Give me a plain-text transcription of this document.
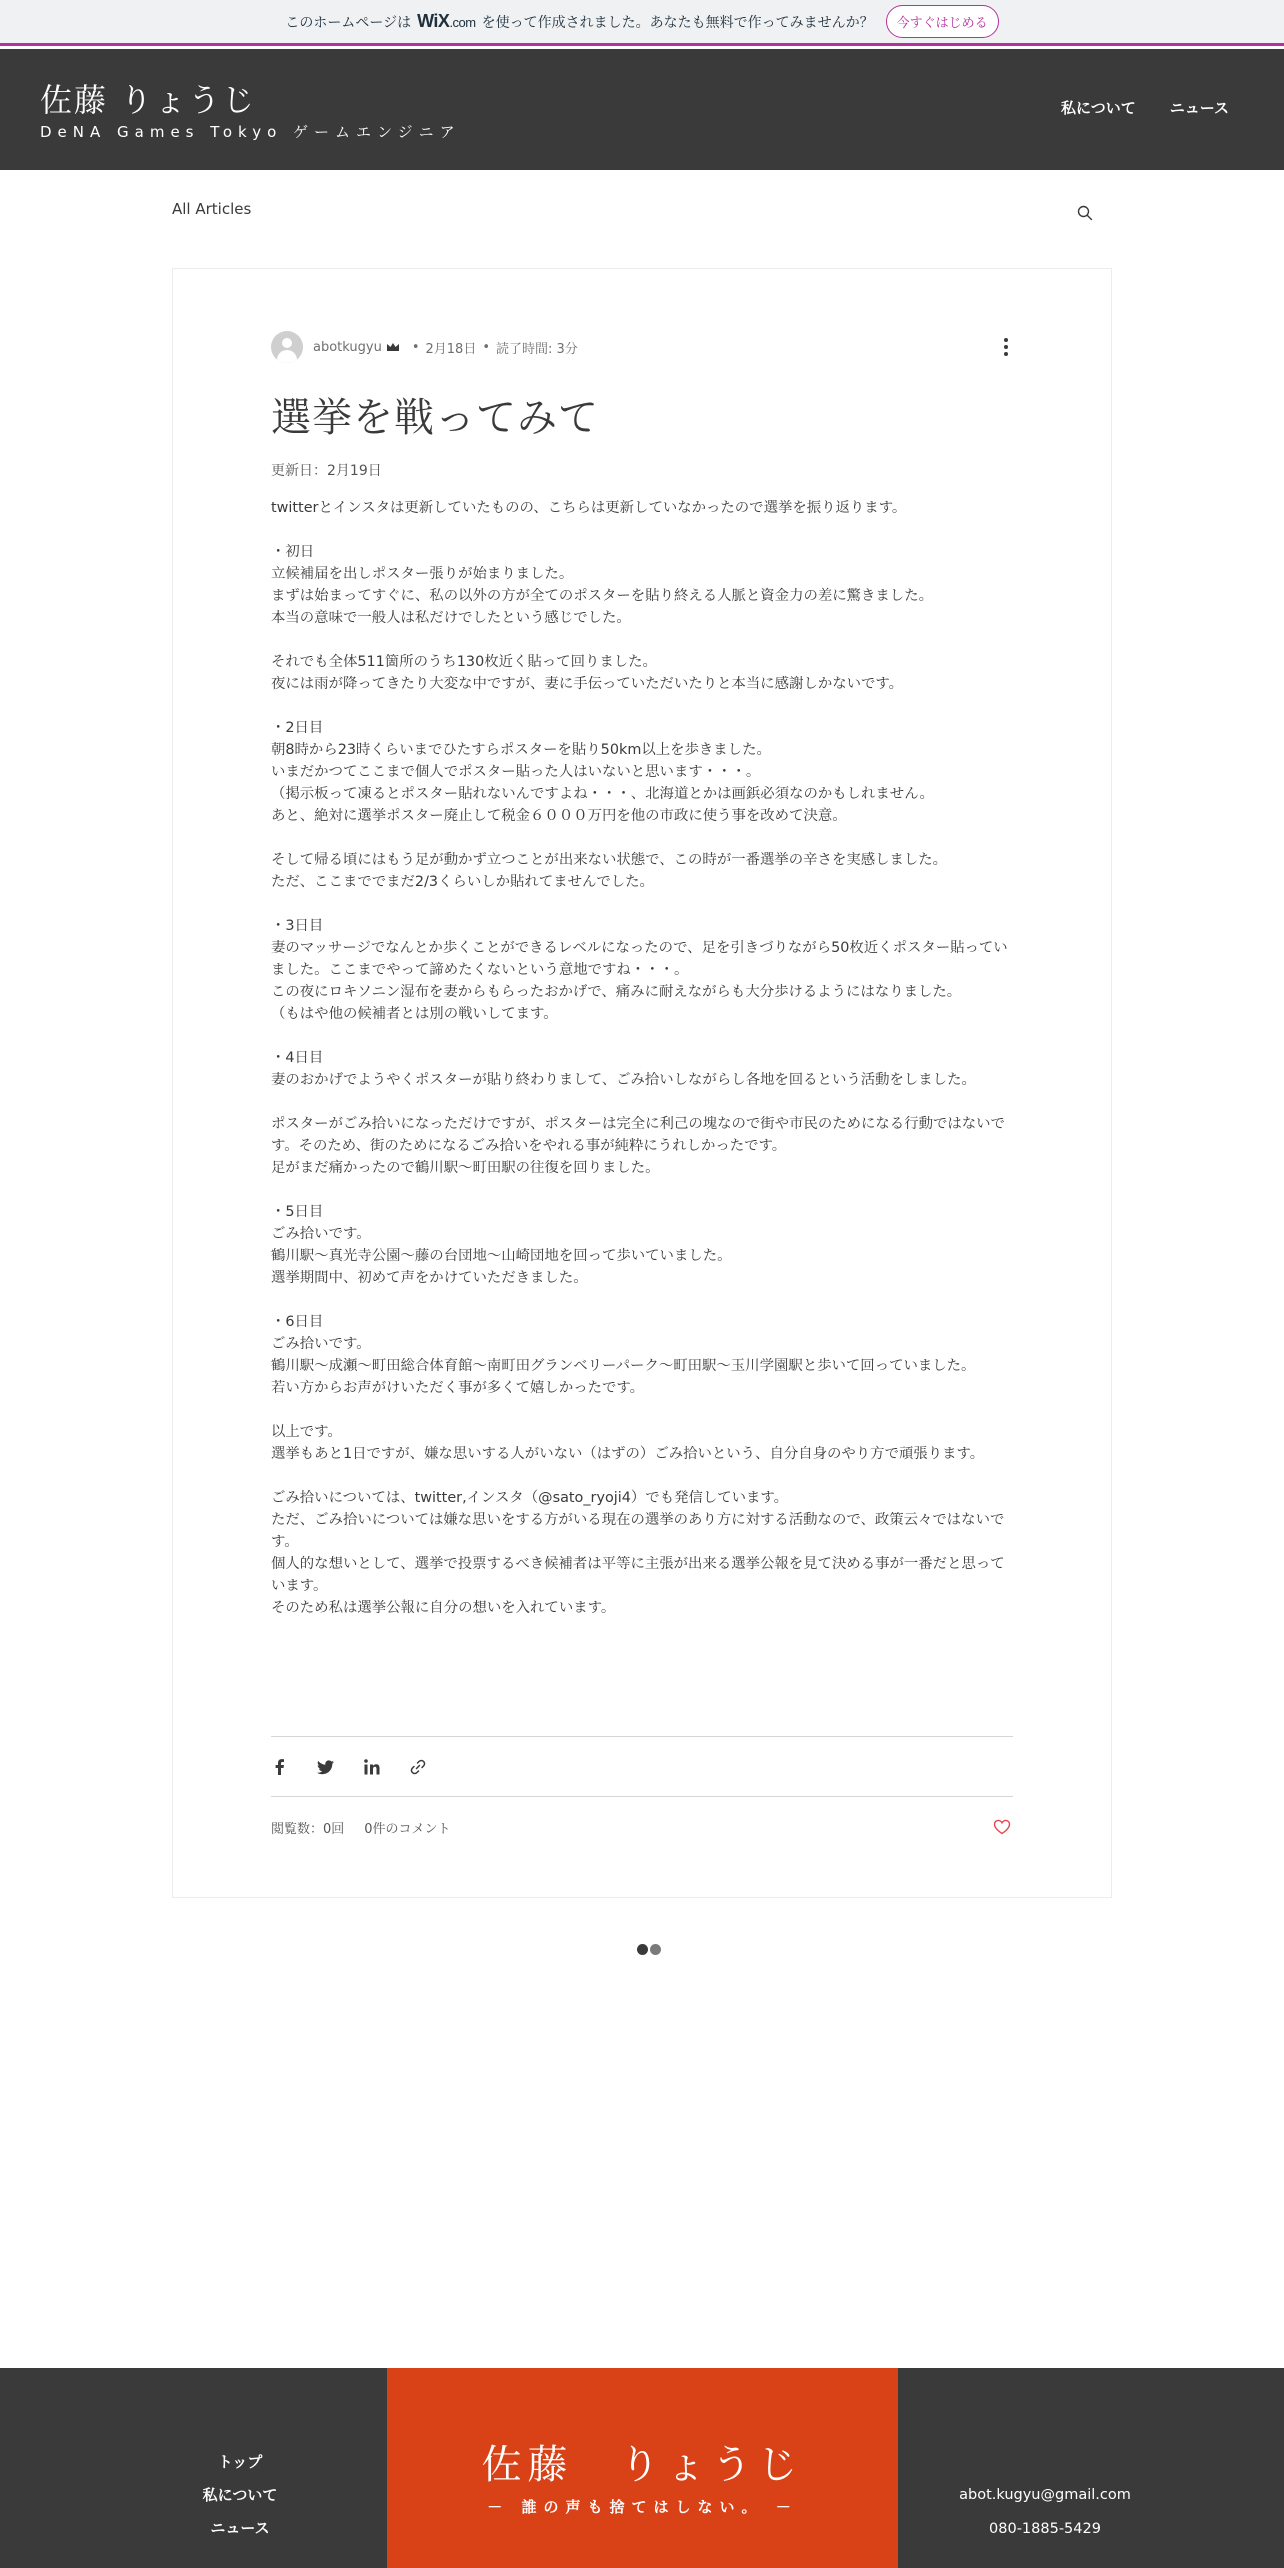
このホームページは WiX.com を使って作成されました。あなたも無料で作ってみませんか？	今すぐはじめる
佐藤 りょうじ
DeNA Games Tokyo ゲームエンジニア
私について ニュース
All Articles
abotkugyu • 2月18日 • 読了時間: 3分
選挙を戦ってみて
更新日：2月19日

twitterとインスタは更新していたものの、こちらは更新していなかったので選挙を振り返ります。

・初日

立候補届を出しポスター張りが始まりました。

まずは始まってすぐに、私の以外の方が全てのポスターを貼り終える人脈と資金力の差に驚きました。

本当の意味で一般人は私だけでしたという感じでした。

それでも全体511箇所のうち130枚近く貼って回りました。

夜には雨が降ってきたり大変な中ですが、妻に手伝っていただいたりと本当に感謝しかないです。

・2日目

朝8時から23時くらいまでひたすらポスターを貼り50km以上を歩きました。

いまだかつてここまで個人でポスター貼った人はいないと思います・・・。

（掲示板って凍るとポスター貼れないんですよね・・・、北海道とかは画鋲必須なのかもしれません。

あと、絶対に選挙ポスター廃止して税金６０００万円を他の市政に使う事を改めて決意。

そして帰る頃にはもう足が動かず立つことが出来ない状態で、この時が一番選挙の辛さを実感しました。

ただ、ここまででまだ2/3くらいしか貼れてませんでした。

・3日目

妻のマッサージでなんとか歩くことができるレベルになったので、足を引きづりながら50枚近くポスター貼っていました。ここまでやって諦めたくないという意地ですね・・・。

この夜にロキソニン湿布を妻からもらったおかげで、痛みに耐えながらも大分歩けるようにはなりました。

（もはや他の候補者とは別の戦いしてます。

・4日目

妻のおかげでようやくポスターが貼り終わりまして、ごみ拾いしながらし各地を回るという活動をしました。

ポスターがごみ拾いになっただけですが、ポスターは完全に利己の塊なので街や市民のためになる行動ではないです。そのため、街のためになるごみ拾いをやれる事が純粋にうれしかったです。

足がまだ痛かったので鶴川駅〜町田駅の往復を回りました。

・5日目

ごみ拾いです。

鶴川駅〜真光寺公園〜藤の台団地〜山崎団地を回って歩いていました。

選挙期間中、初めて声をかけていただきました。

・6日目

ごみ拾いです。

鶴川駅〜成瀬〜町田総合体育館〜南町田グランベリーパーク〜町田駅〜玉川学園駅と歩いて回っていました。

若い方からお声がけいただく事が多くて嬉しかったです。

以上です。

選挙もあと1日ですが、嫌な思いする人がいない（はずの）ごみ拾いという、自分自身のやり方で頑張ります。

ごみ拾いについては、twitter,インスタ（@sato_ryoji4）でも発信しています。

ただ、ごみ拾いについては嫌な思いをする方がいる現在の選挙のあり方に対する活動なので、政策云々ではないです。

個人的な想いとして、選挙で投票するべき候補者は平等に主張が出来る選挙公報を見て決める事が一番だと思っています。

そのため私は選挙公報に自分の想いを入れています。

閲覧数：0回 0件のコメント
トップ
私について
ニュース
佐藤　りょうじ
－ 誰の声も捨てはしない。 －
abot.kugyu@gmail.com
080-1885-5429
